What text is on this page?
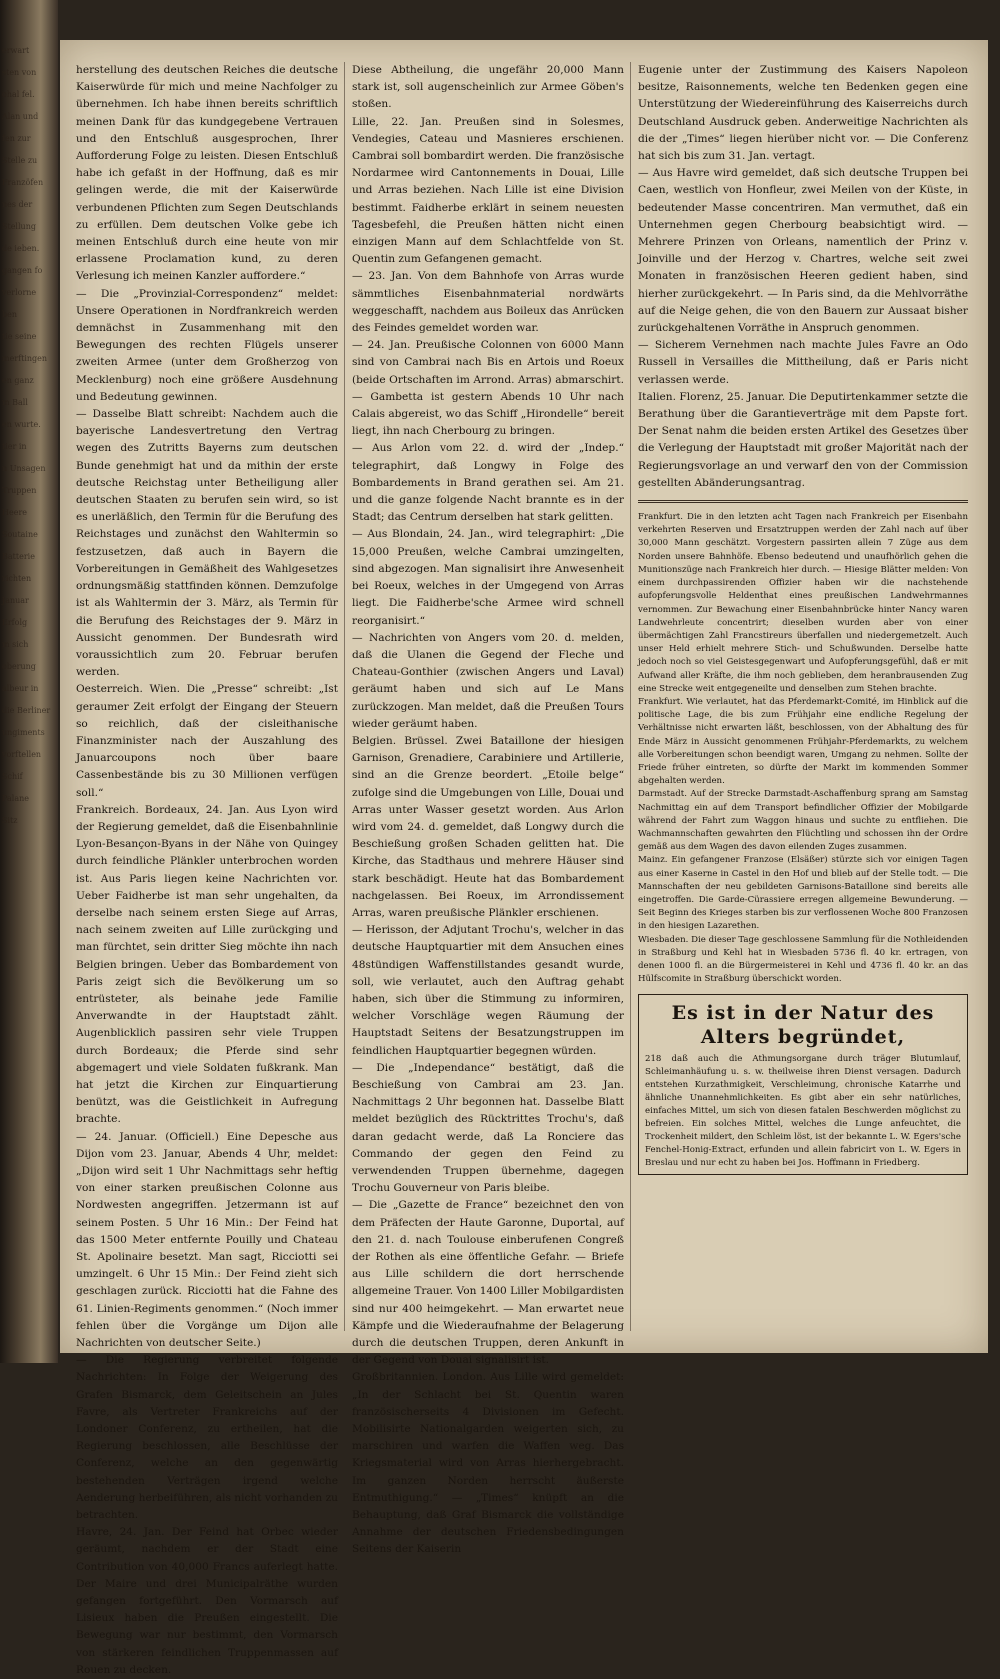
erwart
sten von
ohal fel.
Alan und
fen zur
Stelle zu
Franzöfen
nes der
Stellung
de ieben.
gangen fo
verlorne
ben
tie seine
merftingen
en ganz
m Ball
en wurte.
tier in
n Unsagen
Truppen
Heere
Soutaine
Batterie
richten
Januar
Erfolg
m sich
oberung
albeur in
die Berliner
ungiments
vorftellen
Schif
Palane
Sitz

herstellung des deutschen Reiches die deutsche Kaiserwürde für mich und meine Nachfolger zu übernehmen. Ich habe ihnen bereits schriftlich meinen Dank für das kundgegebene Vertrauen und den Entschluß ausgesprochen, Ihrer Aufforderung Folge zu leisten. Diesen Entschluß habe ich gefaßt in der Hoffnung, daß es mir gelingen werde, die mit der Kaiserwürde verbundenen Pflichten zum Segen Deutschlands zu erfüllen. Dem deutschen Volke gebe ich meinen Entschluß durch eine heute von mir erlassene Proclamation kund, zu deren Verlesung ich meinen Kanzler auffordere.“

— Die „Provinzial-Correspondenz“ meldet: Unsere Operationen in Nordfrankreich werden demnächst in Zusammenhang mit den Bewegungen des rechten Flügels unserer zweiten Armee (unter dem Großherzog von Mecklenburg) noch eine größere Ausdehnung und Bedeutung gewinnen.

— Dasselbe Blatt schreibt: Nachdem auch die bayerische Landesvertretung den Vertrag wegen des Zutritts Bayerns zum deutschen Bunde genehmigt hat und da mithin der erste deutsche Reichstag unter Betheiligung aller deutschen Staaten zu berufen sein wird, so ist es unerläßlich, den Termin für die Berufung des Reichstages und zunächst den Wahltermin so festzusetzen, daß auch in Bayern die Vorbereitungen in Gemäßheit des Wahlgesetzes ordnungsmäßig stattfinden können. Demzufolge ist als Wahltermin der 3. März, als Termin für die Berufung des Reichstages der 9. März in Aussicht genommen. Der Bundesrath wird voraussichtlich zum 20. Februar berufen werden.

Oesterreich. Wien. Die „Presse“ schreibt: „Ist geraumer Zeit erfolgt der Eingang der Steuern so reichlich, daß der cisleithanische Finanzminister nach der Auszahlung des Januarcoupons noch über baare Cassenbestände bis zu 30 Millionen verfügen soll.“

Frankreich. Bordeaux, 24. Jan. Aus Lyon wird der Regierung gemeldet, daß die Eisenbahnlinie Lyon-Besançon-Byans in der Nähe von Quingey durch feindliche Plänkler unterbrochen worden ist. Aus Paris liegen keine Nachrichten vor. Ueber Faidherbe ist man sehr ungehalten, da derselbe nach seinem ersten Siege auf Arras, nach seinem zweiten auf Lille zurückging und man fürchtet, sein dritter Sieg möchte ihn nach Belgien bringen. Ueber das Bombardement von Paris zeigt sich die Bevölkerung um so entrüsteter, als beinahe jede Familie Anverwandte in der Hauptstadt zählt. Augenblicklich passiren sehr viele Truppen durch Bordeaux; die Pferde sind sehr abgemagert und viele Soldaten fußkrank. Man hat jetzt die Kirchen zur Einquartierung benützt, was die Geistlichkeit in Aufregung brachte.

— 24. Januar. (Officiell.) Eine Depesche aus Dijon vom 23. Januar, Abends 4 Uhr, meldet: „Dijon wird seit 1 Uhr Nachmittags sehr heftig von einer starken preußischen Colonne aus Nordwesten angegriffen. Jetzermann ist auf seinem Posten. 5 Uhr 16 Min.: Der Feind hat das 1500 Meter entfernte Pouilly und Chateau St. Apolinaire besetzt. Man sagt, Ricciotti sei umzingelt. 6 Uhr 15 Min.: Der Feind zieht sich geschlagen zurück. Ricciotti hat die Fahne des 61. Linien-Regiments genommen.“ (Noch immer fehlen über die Vorgänge um Dijon alle Nachrichten von deutscher Seite.)

— Die Regierung verbreitet folgende Nachrichten: In Folge der Weigerung des Grafen Bismarck, dem Geleitschein an Jules Favre, als Vertreter Frankreichs auf der Londoner Conferenz, zu ertheilen, hat die Regierung beschlossen, alle Beschlüsse der Conferenz, welche an den gegenwärtig bestehenden Verträgen irgend welche Aenderung herbeiführen, als nicht vorhanden zu betrachten.

Havre, 24. Jan. Der Feind hat Orbec wieder geräumt, nachdem er der Stadt eine Contribution von 40,000 Francs auferlegt hatte. Der Maire und drei Municipalräthe wurden gefangen fortgeführt. Den Vormarsch auf Lisieux haben die Preußen eingestellt. Die Bewegung war nur bestimmt, den Vormarsch von stärkeren feindlichen Truppenmassen auf Rouen zu decken.

Diese Abtheilung, die ungefähr 20,000 Mann stark ist, soll augenscheinlich zur Armee Göben's stoßen.

Lille, 22. Jan. Preußen sind in Solesmes, Vendegies, Cateau und Masnieres erschienen. Cambrai soll bombardirt werden. Die französische Nordarmee wird Cantonnements in Douai, Lille und Arras beziehen. Nach Lille ist eine Division bestimmt. Faidherbe erklärt in seinem neuesten Tagesbefehl, die Preußen hätten nicht einen einzigen Mann auf dem Schlachtfelde von St. Quentin zum Gefangenen gemacht.

— 23. Jan. Von dem Bahnhofe von Arras wurde sämmtliches Eisenbahnmaterial nordwärts weggeschafft, nachdem aus Boileux das Anrücken des Feindes gemeldet worden war.

— 24. Jan. Preußische Colonnen von 6000 Mann sind von Cambrai nach Bis en Artois und Roeux (beide Ortschaften im Arrond. Arras) abmarschirt. — Gambetta ist gestern Abends 10 Uhr nach Calais abgereist, wo das Schiff „Hirondelle“ bereit liegt, ihn nach Cherbourg zu bringen.

— Aus Arlon vom 22. d. wird der „Indep.“ telegraphirt, daß Longwy in Folge des Bombardements in Brand gerathen sei. Am 21. und die ganze folgende Nacht brannte es in der Stadt; das Centrum derselben hat stark gelitten.

— Aus Blondain, 24. Jan., wird telegraphirt: „Die 15,000 Preußen, welche Cambrai umzingelten, sind abgezogen. Man signalisirt ihre Anwesenheit bei Roeux, welches in der Umgegend von Arras liegt. Die Faidherbe'sche Armee wird schnell reorganisirt.“

— Nachrichten von Angers vom 20. d. melden, daß die Ulanen die Gegend der Fleche und Chateau-Gonthier (zwischen Angers und Laval) geräumt haben und sich auf Le Mans zurückzogen. Man meldet, daß die Preußen Tours wieder geräumt haben.

Belgien. Brüssel. Zwei Bataillone der hiesigen Garnison, Grenadiere, Carabiniere und Artillerie, sind an die Grenze beordert. „Etoile belge“ zufolge sind die Umgebungen von Lille, Douai und Arras unter Wasser gesetzt worden. Aus Arlon wird vom 24. d. gemeldet, daß Longwy durch die Beschießung großen Schaden gelitten hat. Die Kirche, das Stadthaus und mehrere Häuser sind stark beschädigt. Heute hat das Bombardement nachgelassen. Bei Roeux, im Arrondissement Arras, waren preußische Plänkler erschienen.

— Herisson, der Adjutant Trochu's, welcher in das deutsche Hauptquartier mit dem Ansuchen eines 48stündigen Waffenstillstandes gesandt wurde, soll, wie verlautet, auch den Auftrag gehabt haben, sich über die Stimmung zu informiren, welcher Vorschläge wegen Räumung der Hauptstadt Seitens der Besatzungstruppen im feindlichen Hauptquartier begegnen würden.

— Die „Independance“ bestätigt, daß die Beschießung von Cambrai am 23. Jan. Nachmittags 2 Uhr begonnen hat. Dasselbe Blatt meldet bezüglich des Rücktrittes Trochu's, daß daran gedacht werde, daß La Ronciere das Commando der gegen den Feind zu verwendenden Truppen übernehme, dagegen Trochu Gouverneur von Paris bleibe.

— Die „Gazette de France“ bezeichnet den von dem Präfecten der Haute Garonne, Duportal, auf den 21. d. nach Toulouse einberufenen Congreß der Rothen als eine öffentliche Gefahr. — Briefe aus Lille schildern die dort herrschende allgemeine Trauer. Von 1400 Liller Mobilgardisten sind nur 400 heimgekehrt. — Man erwartet neue Kämpfe und die Wiederaufnahme der Belagerung durch die deutschen Truppen, deren Ankunft in der Gegend von Douai signalisirt ist.

Großbritannien. London. Aus Lille wird gemeldet: „In der Schlacht bei St. Quentin waren französischerseits 4 Divisionen im Gefecht. Mobilisirte Nationalgarden weigerten sich, zu marschiren und warfen die Waffen weg. Das Kriegsmaterial wird von Arras hierhergebracht. Im ganzen Norden herrscht äußerste Entmuthigung.“ — „Times“ knüpft an die Behauptung, daß Graf Bismarck die vollständige Annahme der deutschen Friedensbedingungen Seitens der Kaiserin

Eugenie unter der Zustimmung des Kaisers Napoleon besitze, Raisonnements, welche ten Bedenken gegen eine Unterstützung der Wiedereinführung des Kaiserreichs durch Deutschland Ausdruck geben. Anderweitige Nachrichten als die der „Times“ liegen hierüber nicht vor. — Die Conferenz hat sich bis zum 31. Jan. vertagt.

— Aus Havre wird gemeldet, daß sich deutsche Truppen bei Caen, westlich von Honfleur, zwei Meilen von der Küste, in bedeutender Masse concentriren. Man vermuthet, daß ein Unternehmen gegen Cherbourg beabsichtigt wird. — Mehrere Prinzen von Orleans, namentlich der Prinz v. Joinville und der Herzog v. Chartres, welche seit zwei Monaten in französischen Heeren gedient haben, sind hierher zurückgekehrt. — In Paris sind, da die Mehlvorräthe auf die Neige gehen, die von den Bauern zur Aussaat bisher zurückgehaltenen Vorräthe in Anspruch genommen.

— Sicherem Vernehmen nach machte Jules Favre an Odo Russell in Versailles die Mittheilung, daß er Paris nicht verlassen werde.

Italien. Florenz, 25. Januar. Die Deputirtenkammer setzte die Berathung über die Garantieverträge mit dem Papste fort. Der Senat nahm die beiden ersten Artikel des Gesetzes über die Verlegung der Hauptstadt mit großer Majorität nach der Regierungsvorlage an und verwarf den von der Commission gestellten Abänderungsantrag.

Frankfurt. Die in den letzten acht Tagen nach Frankreich per Eisenbahn verkehrten Reserven und Ersatztruppen werden der Zahl nach auf über 30,000 Mann geschätzt. Vorgestern passirten allein 7 Züge aus dem Norden unsere Bahnhöfe. Ebenso bedeutend und unaufhörlich gehen die Munitionszüge nach Frankreich hier durch. — Hiesige Blätter melden: Von einem durchpassirenden Offizier haben wir die nachstehende aufopferungsvolle Heldenthat eines preußischen Landwehrmannes vernommen. Zur Bewachung einer Eisenbahnbrücke hinter Nancy waren Landwehrleute concentrirt; dieselben wurden aber von einer übermächtigen Zahl Francstireurs überfallen und niedergemetzelt. Auch unser Held erhielt mehrere Stich- und Schußwunden. Derselbe hatte jedoch noch so viel Geistesgegenwart und Aufopferungsgefühl, daß er mit Aufwand aller Kräfte, die ihm noch geblieben, dem heranbrausenden Zug eine Strecke weit entgegeneilte und denselben zum Stehen brachte.

Frankfurt. Wie verlautet, hat das Pferdemarkt-Comité, im Hinblick auf die politische Lage, die bis zum Frühjahr eine endliche Regelung der Verhältnisse nicht erwarten läßt, beschlossen, von der Abhaltung des für Ende März in Aussicht genommenen Frühjahr-Pferdemarkts, zu welchem alle Vorbereitungen schon beendigt waren, Umgang zu nehmen. Sollte der Friede früher eintreten, so dürfte der Markt im kommenden Sommer abgehalten werden.

Darmstadt. Auf der Strecke Darmstadt-Aschaffenburg sprang am Samstag Nachmittag ein auf dem Transport befindlicher Offizier der Mobilgarde während der Fahrt zum Waggon hinaus und suchte zu entfliehen. Die Wachmannschaften gewahrten den Flüchtling und schossen ihn der Ordre gemäß aus dem Wagen des davon eilenden Zuges zusammen.

Mainz. Ein gefangener Franzose (Elsäßer) stürzte sich vor einigen Tagen aus einer Kaserne in Castel in den Hof und blieb auf der Stelle todt. — Die Mannschaften der neu gebildeten Garnisons-Bataillone sind bereits alle eingetroffen. Die Garde-Cürassiere erregen allgemeine Bewunderung. — Seit Beginn des Krieges starben bis zur verflossenen Woche 800 Franzosen in den hiesigen Lazarethen.

Wiesbaden. Die dieser Tage geschlossene Sammlung für die Nothleidenden in Straßburg und Kehl hat in Wiesbaden 5736 fl. 40 kr. ertragen, von denen 1000 fl. an die Bürgermeisterei in Kehl und 4736 fl. 40 kr. an das Hülfscomite in Straßburg überschickt worden.

Es ist in der Natur des
Alters begründet,
218 daß auch die Athmungsorgane durch träger Blutumlauf, Schleimanhäufung u. s. w. theilweise ihren Dienst versagen. Dadurch entstehen Kurzathmigkeit, Verschleimung, chronische Katarrhe und ähnliche Unannehmlichkeiten. Es gibt aber ein sehr natürliches, einfaches Mittel, um sich von diesen fatalen Beschwerden möglichst zu befreien. Ein solches Mittel, welches die Lunge anfeuchtet, die Trockenheit mildert, den Schleim löst, ist der bekannte L. W. Egers'sche Fenchel-Honig-Extract, erfunden und allein fabricirt von L. W. Egers in Breslau und nur echt zu haben bei Jos. Hoffmann in Friedberg.
